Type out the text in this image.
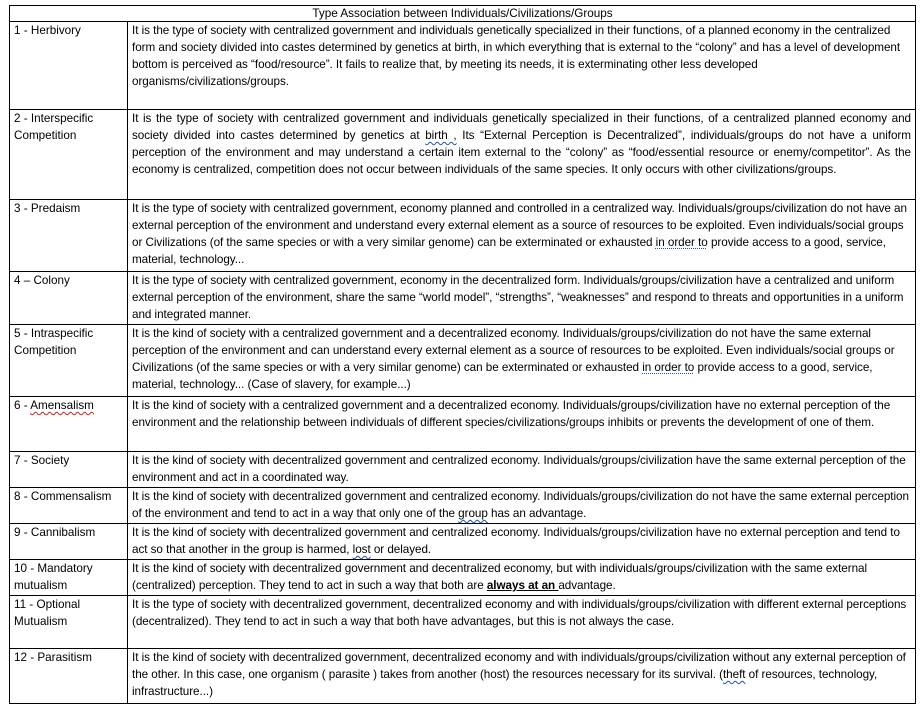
Type Association between Individuals/Civilizations/Groups	
1 - Herbivory	It is the type of society with centralized government and individuals genetically specialized in their functions, of a planned economy in the centralized form and society divided into castes determined by genetics at birth, in which everything that is external to the “colony” and has a level of development bottom is perceived as “food/resource”. It fails to realize that, by meeting its needs, it is exterminating other less developed organisms/civilizations/groups.
2 - Interspecific Competition	It is the type of society with centralized government and individuals genetically specialized in their functions, of a centralized planned economy and society divided into castes determined by genetics at birth , Its “External Perception is Decentralized”, individuals/groups do not have a uniform perception of the environment and may understand a certain item external to the “colony” as “food/essential resource or enemy/competitor”. As the economy is centralized, competition does not occur between individuals of the same species. It only occurs with other civilizations/groups.
3 - Predaism	It is the type of society with centralized government, economy planned and controlled in a centralized way. Individuals/groups/civilization do not have an external perception of the environment and understand every external element as a source of resources to be exploited. Even individuals/social groups or Civilizations (of the same species or with a very similar genome) can be exterminated or exhausted in order to provide access to a good, service, material, technology...
4 – Colony	It is the type of society with centralized government, economy in the decentralized form. Individuals/groups/civilization have a centralized and uniform external perception of the environment, share the same “world model”, “strengths”, “weaknesses” and respond to threats and opportunities in a uniform and integrated manner.
5 - Intraspecific Competition	It is the kind of society with a centralized government and a decentralized economy. Individuals/groups/civilization do not have the same external perception of the environment and can understand every external element as a source of resources to be exploited. Even individuals/social groups or Civilizations (of the same species or with a very similar genome) can be exterminated or exhausted in order to provide access to a good, service, material, technology... (Case of slavery, for example...)
6 - Amensalism	It is the kind of society with a centralized government and a decentralized economy. Individuals/groups/civilization have no external perception of the environment and the relationship between individuals of different species/civilizations/groups inhibits or prevents the development of one of them.
7 - Society	It is the kind of society with decentralized government and centralized economy. Individuals/groups/civilization have the same external perception of the environment and act in a coordinated way.
8 - Commensalism	It is the kind of society with decentralized government and centralized economy. Individuals/groups/civilization do not have the same external perception of the environment and tend to act in a way that only one of the group has an advantage.
9 - Cannibalism	It is the kind of society with decentralized government and centralized economy. Individuals/groups/civilization have no external perception and tend to act so that another in the group is harmed, lost or delayed.
10 - Mandatory mutualism	It is the kind of society with decentralized government and decentralized economy, but with individuals/groups/civilization with the same external (centralized) perception. They tend to act in such a way that both are always at an advantage.
11 - Optional Mutualism	It is the type of society with decentralized government, decentralized economy and with individuals/groups/civilization with different external perceptions (decentralized). They tend to act in such a way that both have advantages, but this is not always the case.
12 - Parasitism	It is the kind of society with decentralized government, decentralized economy and with individuals/groups/civilization without any external perception of the other. In this case, one organism ( parasite ) takes from another (host) the resources necessary for its survival. (theft of resources, technology, infrastructure...)
